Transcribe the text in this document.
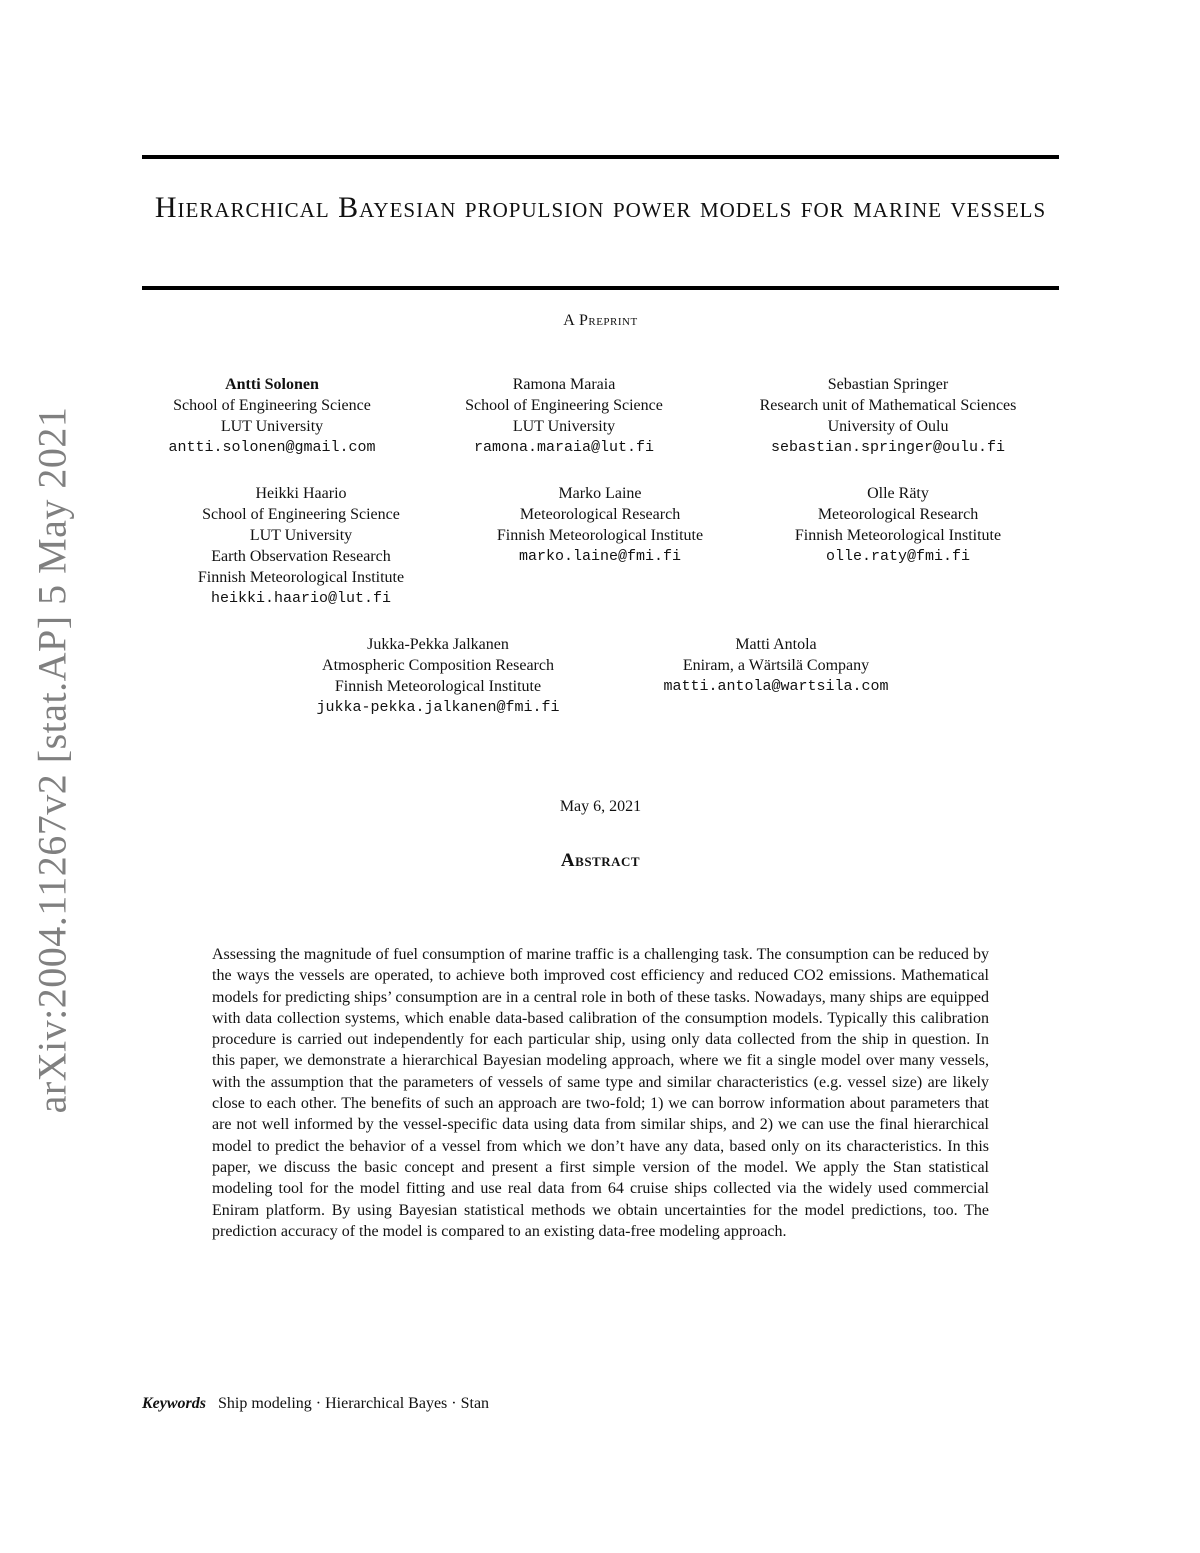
arXiv:2004.11267v2 [stat.AP] 5 May 2021
Hierarchical Bayesian propulsion power models for marine vessels
A Preprint
Antti Solonen
School of Engineering Science
LUT University
antti.solonen@gmail.com
Ramona Maraia
School of Engineering Science
LUT University
ramona.maraia@lut.fi
Sebastian Springer
Research unit of Mathematical Sciences
University of Oulu
sebastian.springer@oulu.fi
Heikki Haario
School of Engineering Science
LUT University
Earth Observation Research
Finnish Meteorological Institute
heikki.haario@lut.fi
Marko Laine
Meteorological Research
Finnish Meteorological Institute
marko.laine@fmi.fi
Olle Räty
Meteorological Research
Finnish Meteorological Institute
olle.raty@fmi.fi
Jukka-Pekka Jalkanen
Atmospheric Composition Research
Finnish Meteorological Institute
jukka-pekka.jalkanen@fmi.fi
Matti Antola
Eniram, a Wärtsilä Company
matti.antola@wartsila.com
May 6, 2021
Abstract

Assessing the magnitude of fuel consumption of marine traffic is a challenging task. The consumption can be reduced by the ways the vessels are operated, to achieve both improved cost efficiency and reduced CO2 emissions. Mathematical models for predicting ships’ consumption are in a central role in both of these tasks. Nowadays, many ships are equipped with data collection systems, which enable data-based calibration of the consumption models. Typically this calibration procedure is carried out independently for each particular ship, using only data collected from the ship in question. In this paper, we demonstrate a hierarchical Bayesian modeling approach, where we fit a single model over many vessels, with the assumption that the parameters of vessels of same type and similar characteristics (e.g. vessel size) are likely close to each other. The benefits of such an approach are two-fold; 1) we can borrow information about parameters that are not well informed by the vessel-specific data using data from similar ships, and 2) we can use the final hierarchical model to predict the behavior of a vessel from which we don’t have any data, based only on its characteristics. In this paper, we discuss the basic concept and present a first simple version of the model. We apply the Stan statistical modeling tool for the model fitting and use real data from 64 cruise ships collected via the widely used commercial Eniram platform. By using Bayesian statistical methods we obtain uncertainties for the model predictions, too. The prediction accuracy of the model is compared to an existing data-free modeling approach.

Keywords Ship modeling · Hierarchical Bayes · Stan
